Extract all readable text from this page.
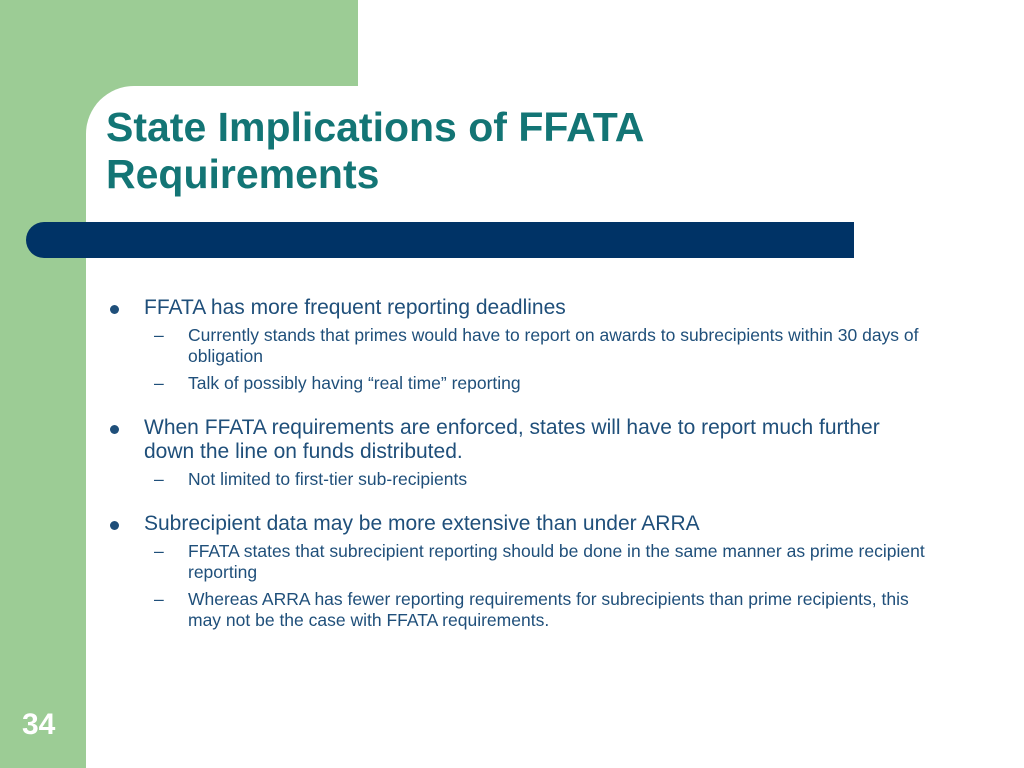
State Implications of FFATA
Requirements
FFATA has more frequent reporting deadlines
– Currently stands that primes would have to report on awards to subrecipients within 30 days of obligation
– Talk of possibly having “real time” reporting
When FFATA requirements are enforced, states will have to report much further down the line on funds distributed.
– Not limited to first-tier sub-recipients
Subrecipient data may be more extensive than under ARRA
– FFATA states that subrecipient reporting should be done in the same manner as prime recipient reporting
– Whereas ARRA has fewer reporting requirements for subrecipients than prime recipients, this may not be the case with FFATA requirements.
34
